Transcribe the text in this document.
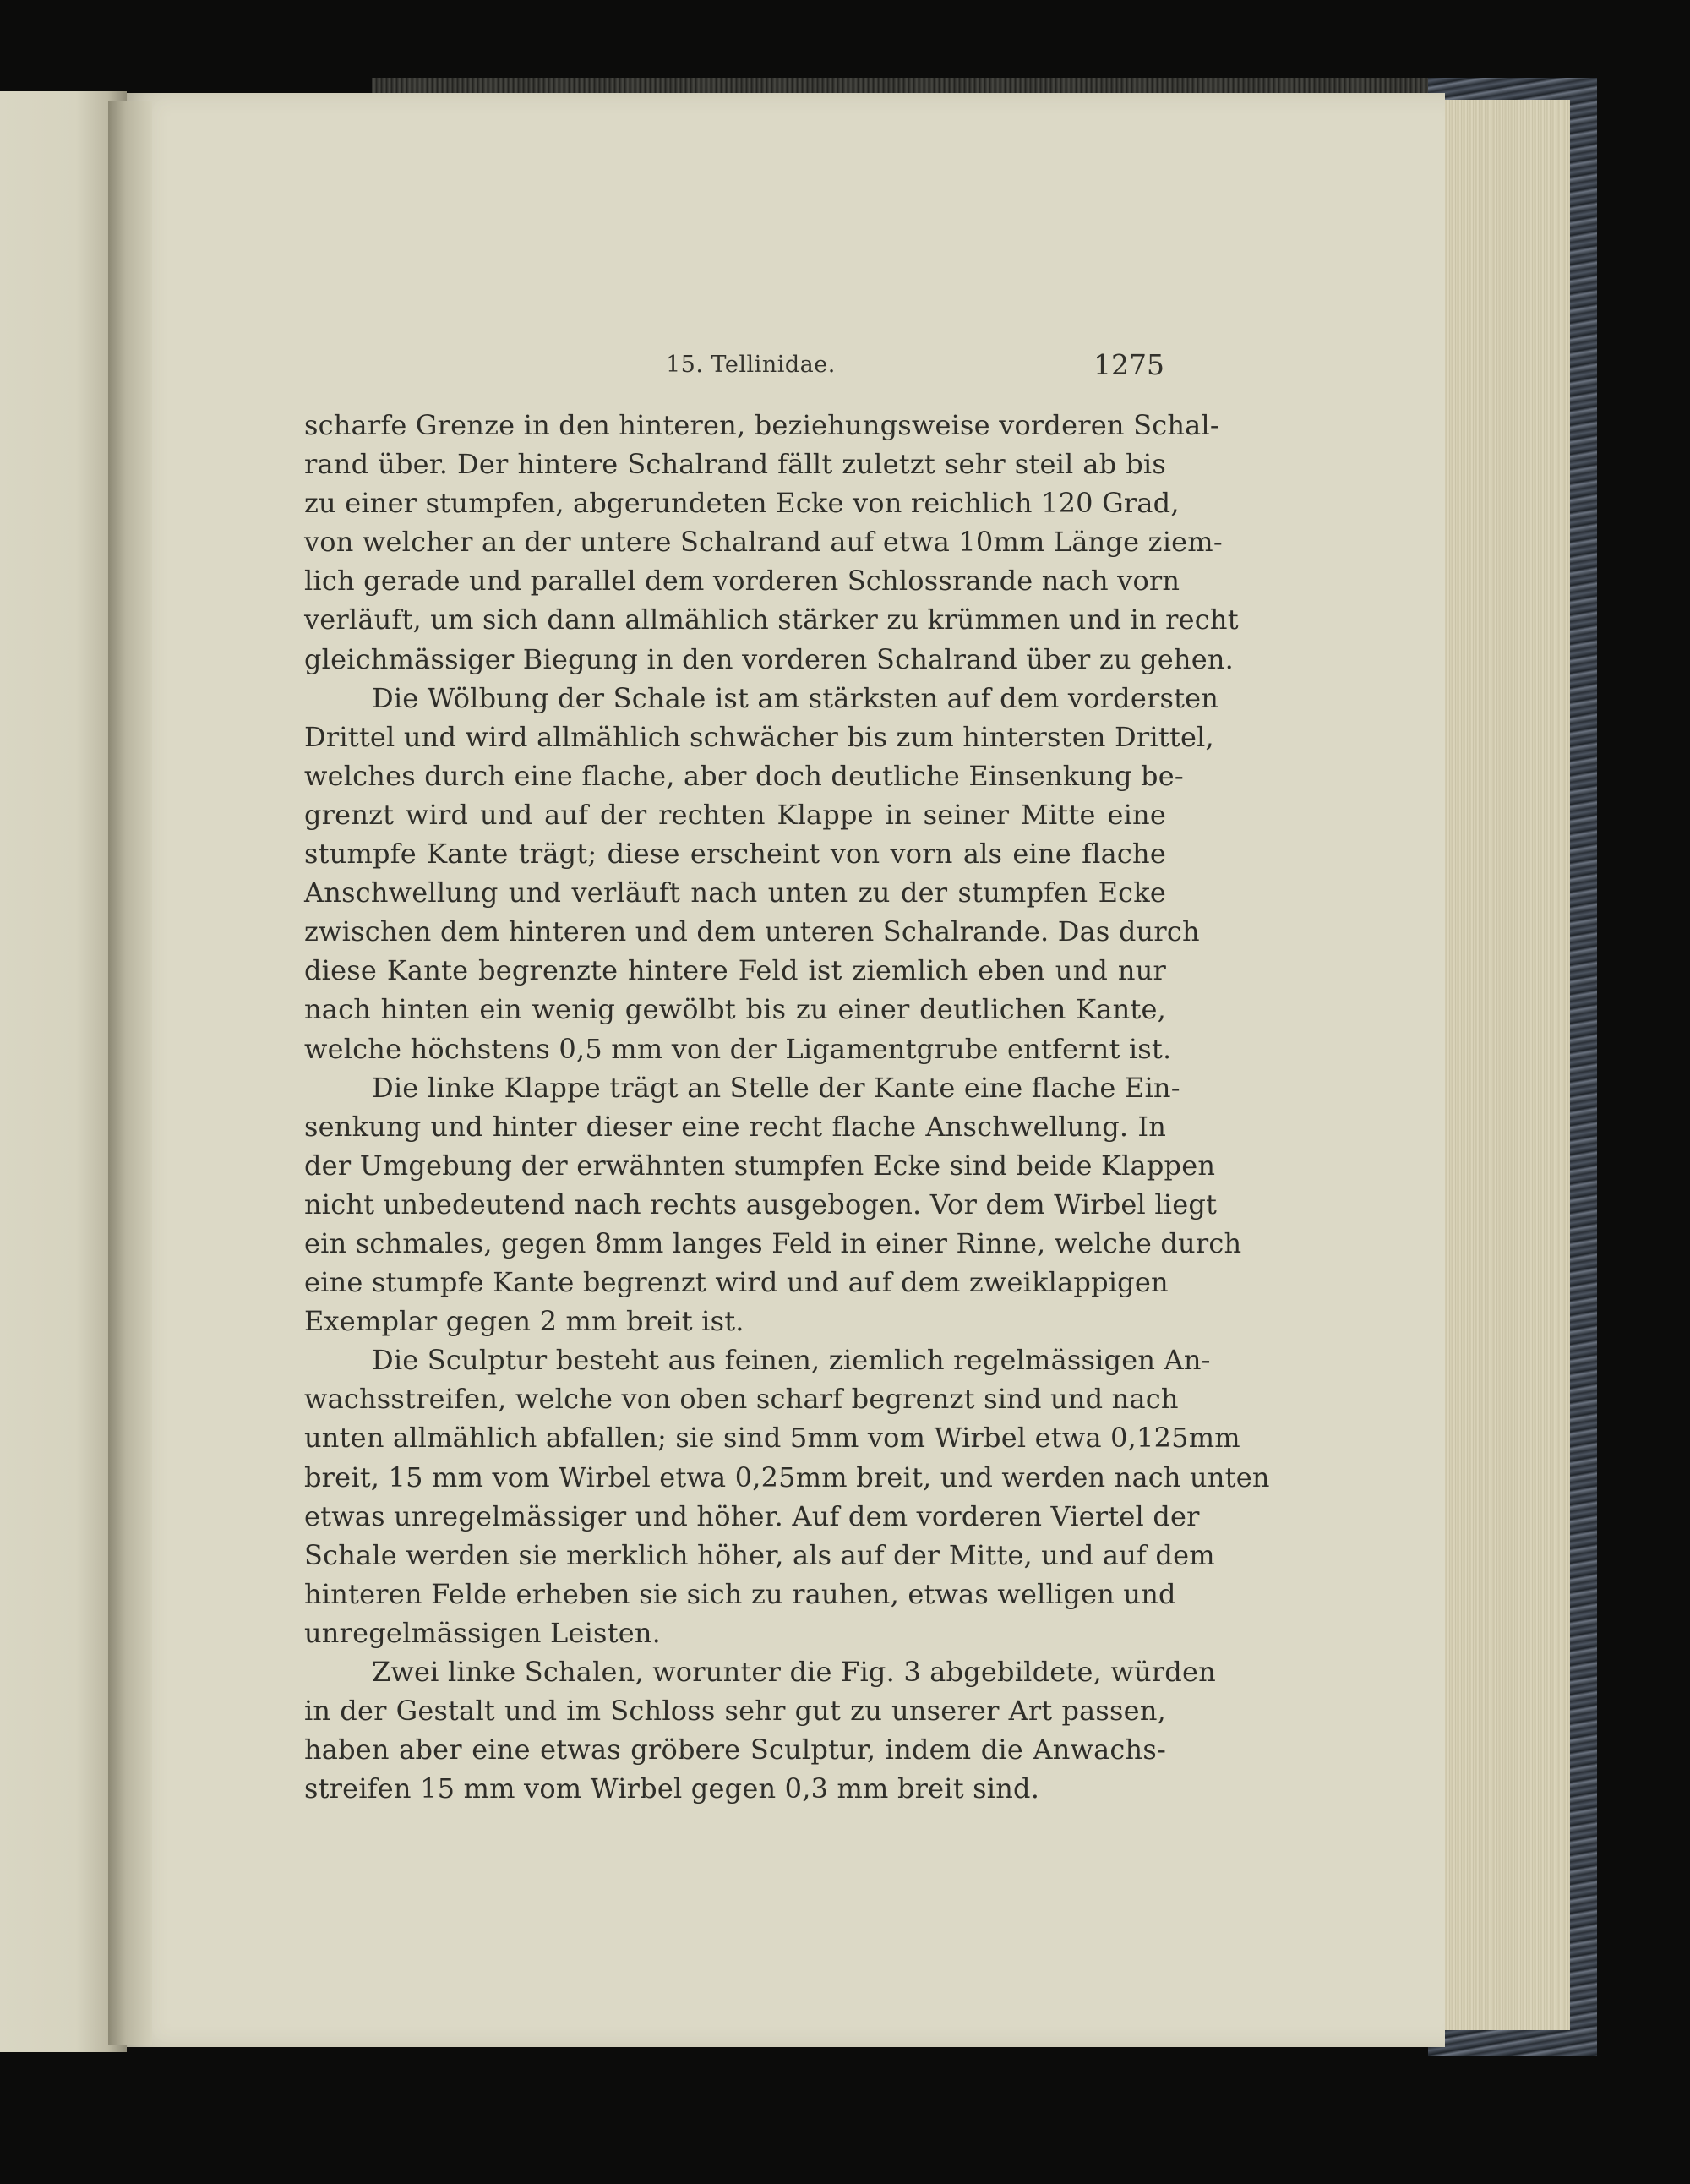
15. Tellinidae.	1275
scharfe Grenze in den hinteren, beziehungsweise vorderen Schal-
rand über. Der hintere Schalrand fällt zuletzt sehr steil ab bis
zu einer stumpfen, abgerundeten Ecke von reichlich 120 Grad,
von welcher an der untere Schalrand auf etwa 10mm Länge ziem-
lich gerade und parallel dem vorderen Schlossrande nach vorn
verläuft, um sich dann allmählich stärker zu krümmen und in recht
gleichmässiger Biegung in den vorderen Schalrand über zu gehen.
Die Wölbung der Schale ist am stärksten auf dem vordersten
Drittel und wird allmählich schwächer bis zum hintersten Drittel,
welches durch eine flache, aber doch deutliche Einsenkung be-
grenzt wird und auf der rechten Klappe in seiner Mitte eine
stumpfe Kante trägt; diese erscheint von vorn als eine flache
Anschwellung und verläuft nach unten zu der stumpfen Ecke
zwischen dem hinteren und dem unteren Schalrande. Das durch
diese Kante begrenzte hintere Feld ist ziemlich eben und nur
nach hinten ein wenig gewölbt bis zu einer deutlichen Kante,
welche höchstens 0,5 mm von der Ligamentgrube entfernt ist.
Die linke Klappe trägt an Stelle der Kante eine flache Ein-
senkung und hinter dieser eine recht flache Anschwellung. In
der Umgebung der erwähnten stumpfen Ecke sind beide Klappen
nicht unbedeutend nach rechts ausgebogen. Vor dem Wirbel liegt
ein schmales, gegen 8mm langes Feld in einer Rinne, welche durch
eine stumpfe Kante begrenzt wird und auf dem zweiklappigen
Exemplar gegen 2 mm breit ist.
Die Sculptur besteht aus feinen, ziemlich regelmässigen An-
wachsstreifen, welche von oben scharf begrenzt sind und nach
unten allmählich abfallen; sie sind 5mm vom Wirbel etwa 0,125mm
breit, 15 mm vom Wirbel etwa 0,25mm breit, und werden nach unten
etwas unregelmässiger und höher. Auf dem vorderen Viertel der
Schale werden sie merklich höher, als auf der Mitte, und auf dem
hinteren Felde erheben sie sich zu rauhen, etwas welligen und
unregelmässigen Leisten.
Zwei linke Schalen, worunter die Fig. 3 abgebildete, würden
in der Gestalt und im Schloss sehr gut zu unserer Art passen,
haben aber eine etwas gröbere Sculptur, indem die Anwachs-
streifen 15 mm vom Wirbel gegen 0,3 mm breit sind.
